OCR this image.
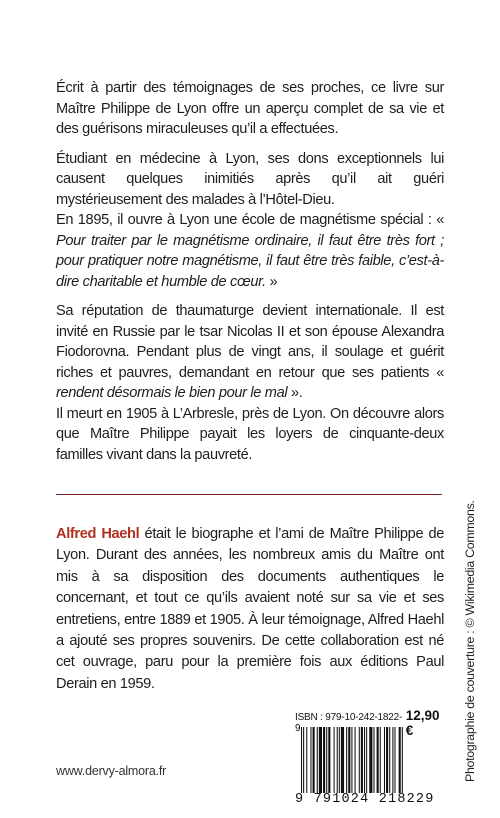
Écrit à partir des témoignages de ses proches, ce livre sur Maître Philippe de Lyon offre un aperçu complet de sa vie et des guérisons miraculeuses qu’il a effectuées.

Étudiant en médecine à Lyon, ses dons exceptionnels lui causent quelques inimitiés après qu’il ait guéri mystérieusement des malades à l’Hôtel-Dieu.

En 1895, il ouvre à Lyon une école de magnétisme spécial : « Pour traiter par le magnétisme ordinaire, il faut être très fort ; pour pratiquer notre magnétisme, il faut être très faible, c’est-à-dire charitable et humble de cœur. »

Sa réputation de thaumaturge devient internationale. Il est invité en Russie par le tsar Nicolas II et son épouse Alexandra Fiodorovna. Pendant plus de vingt ans, il soulage et guérit riches et pauvres, demandant en retour que ses patients « rendent désormais le bien pour le mal ».

Il meurt en 1905 à L’Arbresle, près de Lyon. On découvre alors que Maître Philippe payait les loyers de cinquante-deux familles vivant dans la pauvreté.

Alfred Haehl était le biographe et l’ami de Maître Philippe de Lyon. Durant des années, les nombreux amis du Maître ont mis à sa disposition des documents authentiques le concernant, et tout ce qu’ils avaient noté sur sa vie et ses entretiens, entre 1889 et 1905. À leur témoignage, Alfred Haehl a ajouté ses propres souvenirs. De cette collaboration est né cet ouvrage, paru pour la première fois aux éditions Paul Derain en 1959.	Photographie de couverture : © Wikimedia Commons.
ISBN : 979-10-242-1822-9
12,90 €
9 791024 218229
www.dervy-almora.fr
